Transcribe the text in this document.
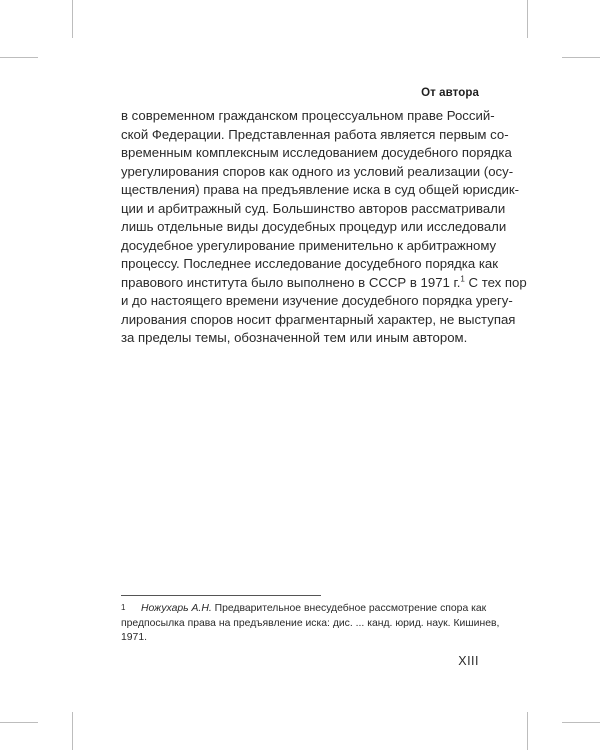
От автора
в современном гражданском процессуальном праве Россий-
ской Федерации. Представленная работа является первым со-
временным комплексным исследованием досудебного порядка
урегулирования споров как одного из условий реализации (осу-
ществления) права на предъявление иска в суд общей юрисдик-
ции и арбитражный суд. Большинство авторов рассматривали
лишь отдельные виды досудебных процедур или исследовали
досудебное урегулирование применительно к арбитражному
процессу. Последнее исследование досудебного порядка как
правового института было выполнено в СССР в 1971 г.$^1$ С тех пор
и до настоящего времени изучение досудебного порядка урегу-
лирования споров носит фрагментарный характер, не выступая
за пределы темы, обозначенной тем или иным автором.
1 Ножухарь А.Н. Предварительное внесудебное рассмотрение спора как
предпосылка права на предъявление иска: дис. ... канд. юрид. наук. Кишинев,
1971.
XIII
